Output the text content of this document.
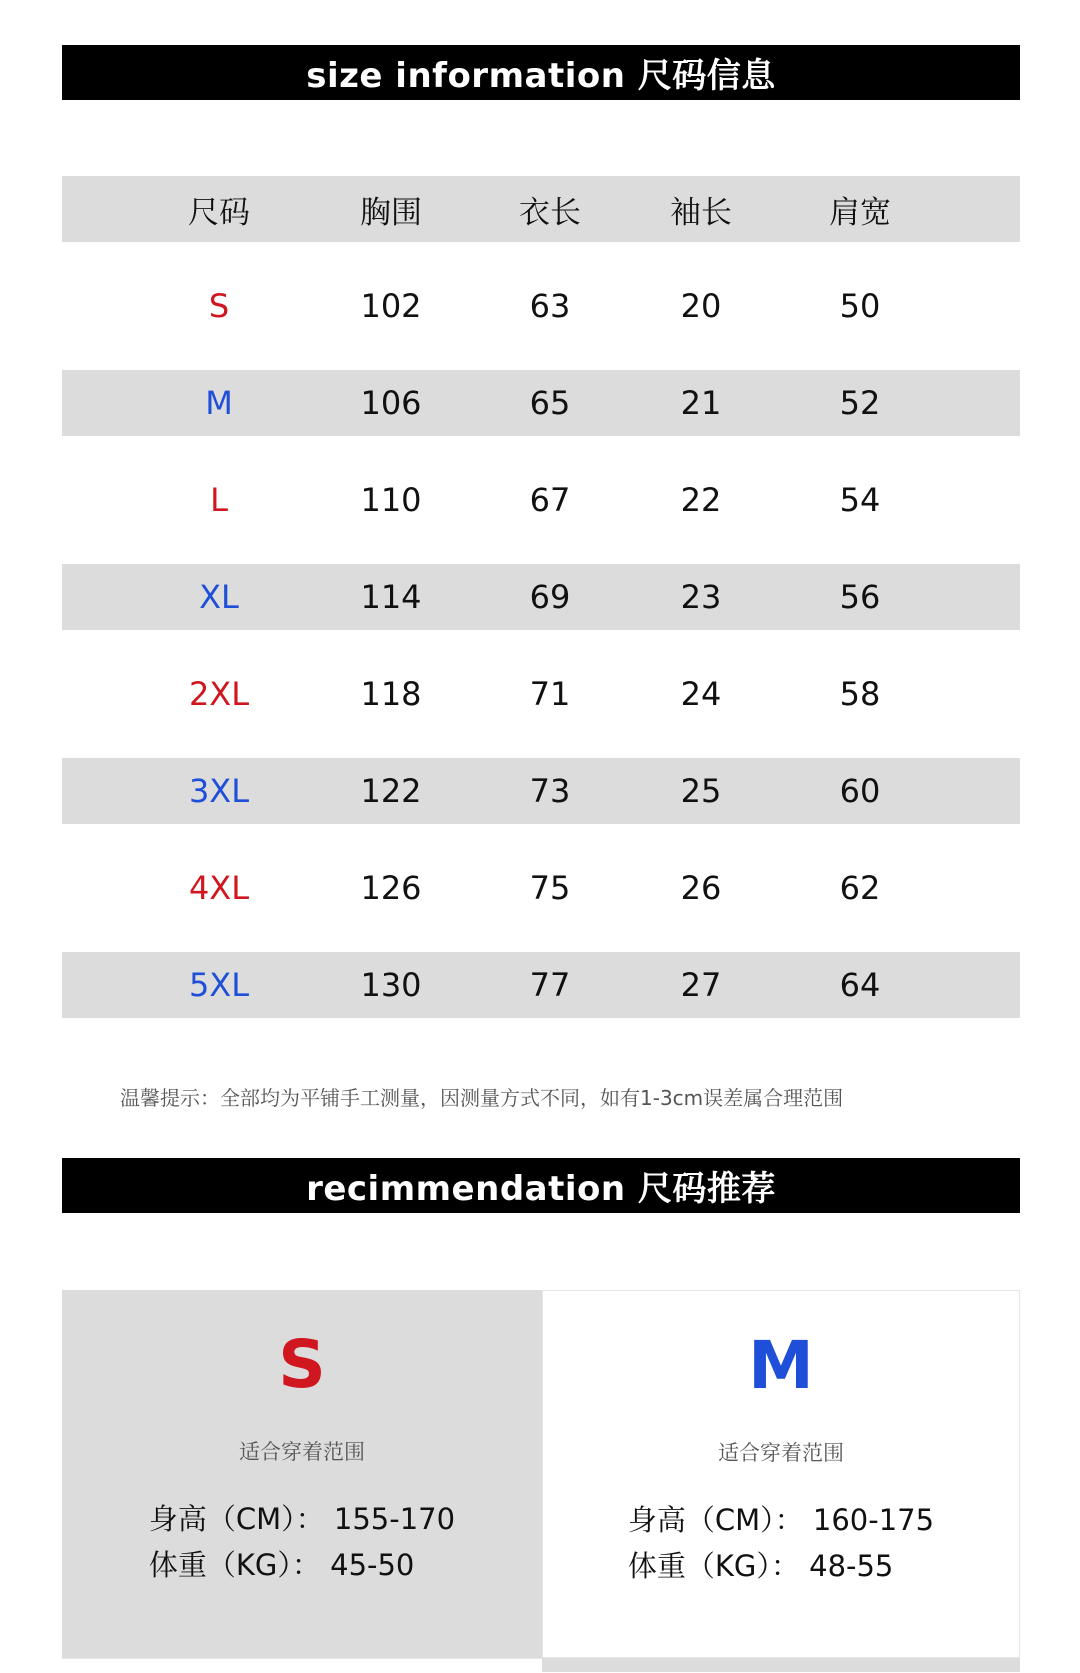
size information 尺码信息
尺码	胸围	衣长	袖长	肩宽
S	102	63	20	50
M	106	65	21	52
L	110	67	22	54
XL	114	69	23	56
2XL	118	71	24	58
3XL	122	73	25	60
4XL	126	75	26	62
5XL	130	77	27	64
温馨提示：全部均为平铺手工测量，因测量方式不同，如有1-3cm误差属合理范围
recimmendation 尺码推荐
S
适合穿着范围
身高（CM）： 155-170
体重（KG）： 45-50
M
适合穿着范围
身高（CM）： 160-175
体重（KG）： 48-55
